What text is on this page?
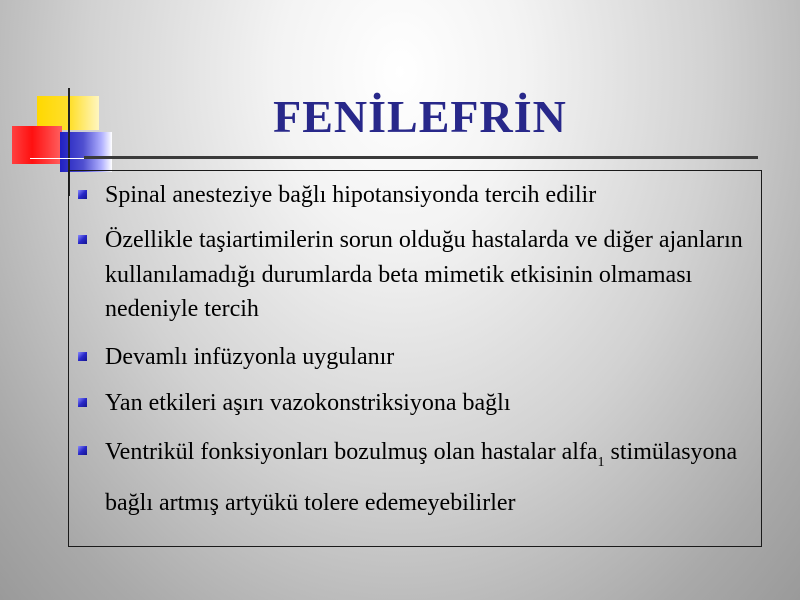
FENİLEFRİN
Spinal anesteziye bağlı hipotansiyonda tercih edilir
Özellikle taşiartimilerin sorun olduğu hastalarda ve diğer ajanların kullanılamadığı durumlarda beta mimetik etkisinin olmaması nedeniyle tercih
Devamlı infüzyonla uygulanır
Yan etkileri aşırı vazokonstriksiyona bağlı
Ventrikül fonksiyonları bozulmuş olan hastalar alfa$_1$ stimülasyona bağlı artmış artyükü tolere edemeyebilirler
